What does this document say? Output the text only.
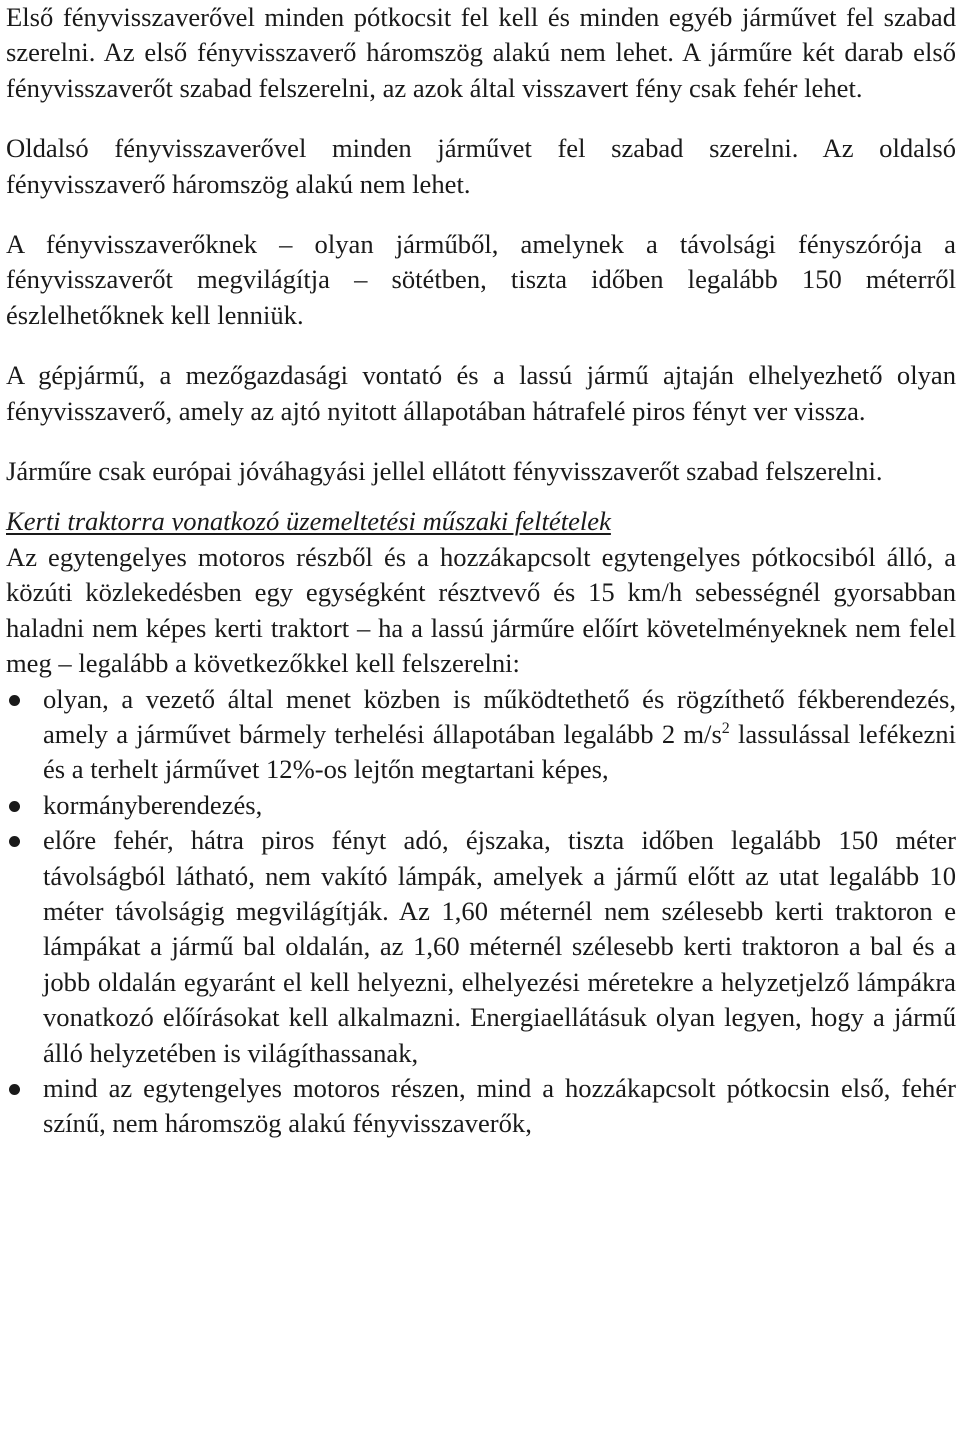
Első fényvisszaverővel minden pótkocsit fel kell és minden egyéb járművet fel szabad szerelni. Az első fényvisszaverő háromszög alakú nem lehet. A járműre két darab első fényvisszaverőt szabad felszerelni, az azok által visszavert fény csak fehér lehet.

Oldalsó fényvisszaverővel minden járművet fel szabad szerelni. Az oldalsó fényvisszaverő háromszög alakú nem lehet.

A fényvisszaverőknek – olyan járműből, amelynek a távolsági fényszórója a fényvisszaverőt megvilágítja – sötétben, tiszta időben legalább 150 méterről észlelhetőknek kell lenniük.

A gépjármű, a mezőgazdasági vontató és a lassú jármű ajtaján elhelyezhető olyan fényvisszaverő, amely az ajtó nyitott állapotában hátrafelé piros fényt ver vissza.

Járműre csak európai jóváhagyási jellel ellátott fényvisszaverőt szabad felszerelni.

Kerti traktorra vonatkozó üzemeltetési műszaki feltételek

Az egytengelyes motoros részből és a hozzákapcsolt egytengelyes pótkocsiból álló, a közúti közlekedésben egy egységként résztvevő és 15 km/h sebességnél gyorsabban haladni nem képes kerti traktort – ha a lassú járműre előírt követelményeknek nem felel meg – legalább a következőkkel kell felszerelni:

olyan, a vezető által menet közben is működtethető és rögzíthető fékberendezés, amely a járművet bármely terhelési állapotában legalább 2 $m/s^2$ lassulással lefékezni és a terhelt járművet 12%-os lejtőn megtartani képes,
kormányberendezés,
előre fehér, hátra piros fényt adó, éjszaka, tiszta időben legalább 150 méter távolságból látható, nem vakító lámpák, amelyek a jármű előtt az utat legalább 10 méter távolságig megvilágítják. Az 1,60 méternél nem szélesebb kerti traktoron e lámpákat a jármű bal oldalán, az 1,60 méternél szélesebb kerti traktoron a bal és a jobb oldalán egyaránt el kell helyezni, elhelyezési méretekre a helyzetjelző lámpákra vonatkozó előírásokat kell alkalmazni. Energiaellátásuk olyan legyen, hogy a jármű álló helyzetében is világíthassanak,
mind az egytengelyes motoros részen, mind a hozzákapcsolt pótkocsin első, fehér színű, nem háromszög alakú fényvisszaverők,
